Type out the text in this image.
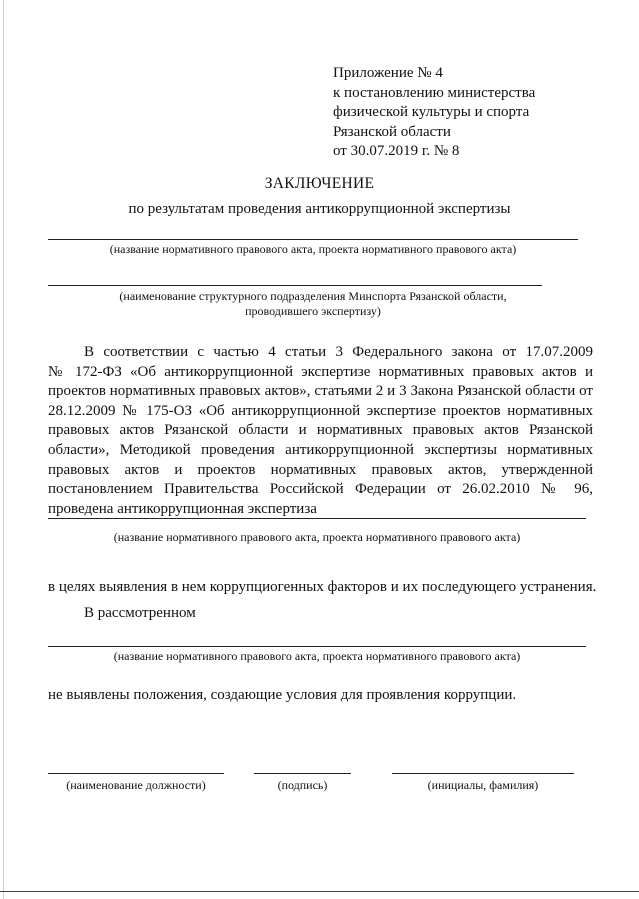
Приложение № 4
к постановлению министерства
физической культуры и спорта
Рязанской области
от 30.07.2019 г. № 8
ЗАКЛЮЧЕНИЕ
по результатам проведения антикоррупционной экспертизы
(название нормативного правового акта, проекта нормативного правового акта)
(наименование структурного подразделения Минспорта Рязанской области,
проводившего экспертизу)
В соответствии с частью 4 статьи 3 Федерального закона от 17.07.2009
№ 172-ФЗ «Об антикоррупционной экспертизе нормативных правовых актов и
проектов нормативных правовых актов», статьями 2 и 3 Закона Рязанской области от
28.12.2009 № 175-ОЗ «Об антикоррупционной экспертизе проектов нормативных
правовых актов Рязанской области и нормативных правовых актов Рязанской
области», Методикой проведения антикоррупционной экспертизы нормативных
правовых актов и проектов нормативных правовых актов, утвержденной
постановлением Правительства Российской Федерации от 26.02.2010 № 96,
проведена антикоррупционная экспертиза
(название нормативного правового акта, проекта нормативного правового акта)
в целях выявления в нем коррупциогенных факторов и их последующего устранения.
В рассмотренном
(название нормативного правового акта, проекта нормативного правового акта)
не выявлены положения, создающие условия для проявления коррупции.
(наименование должности)	(подпись)	(инициалы, фамилия)
